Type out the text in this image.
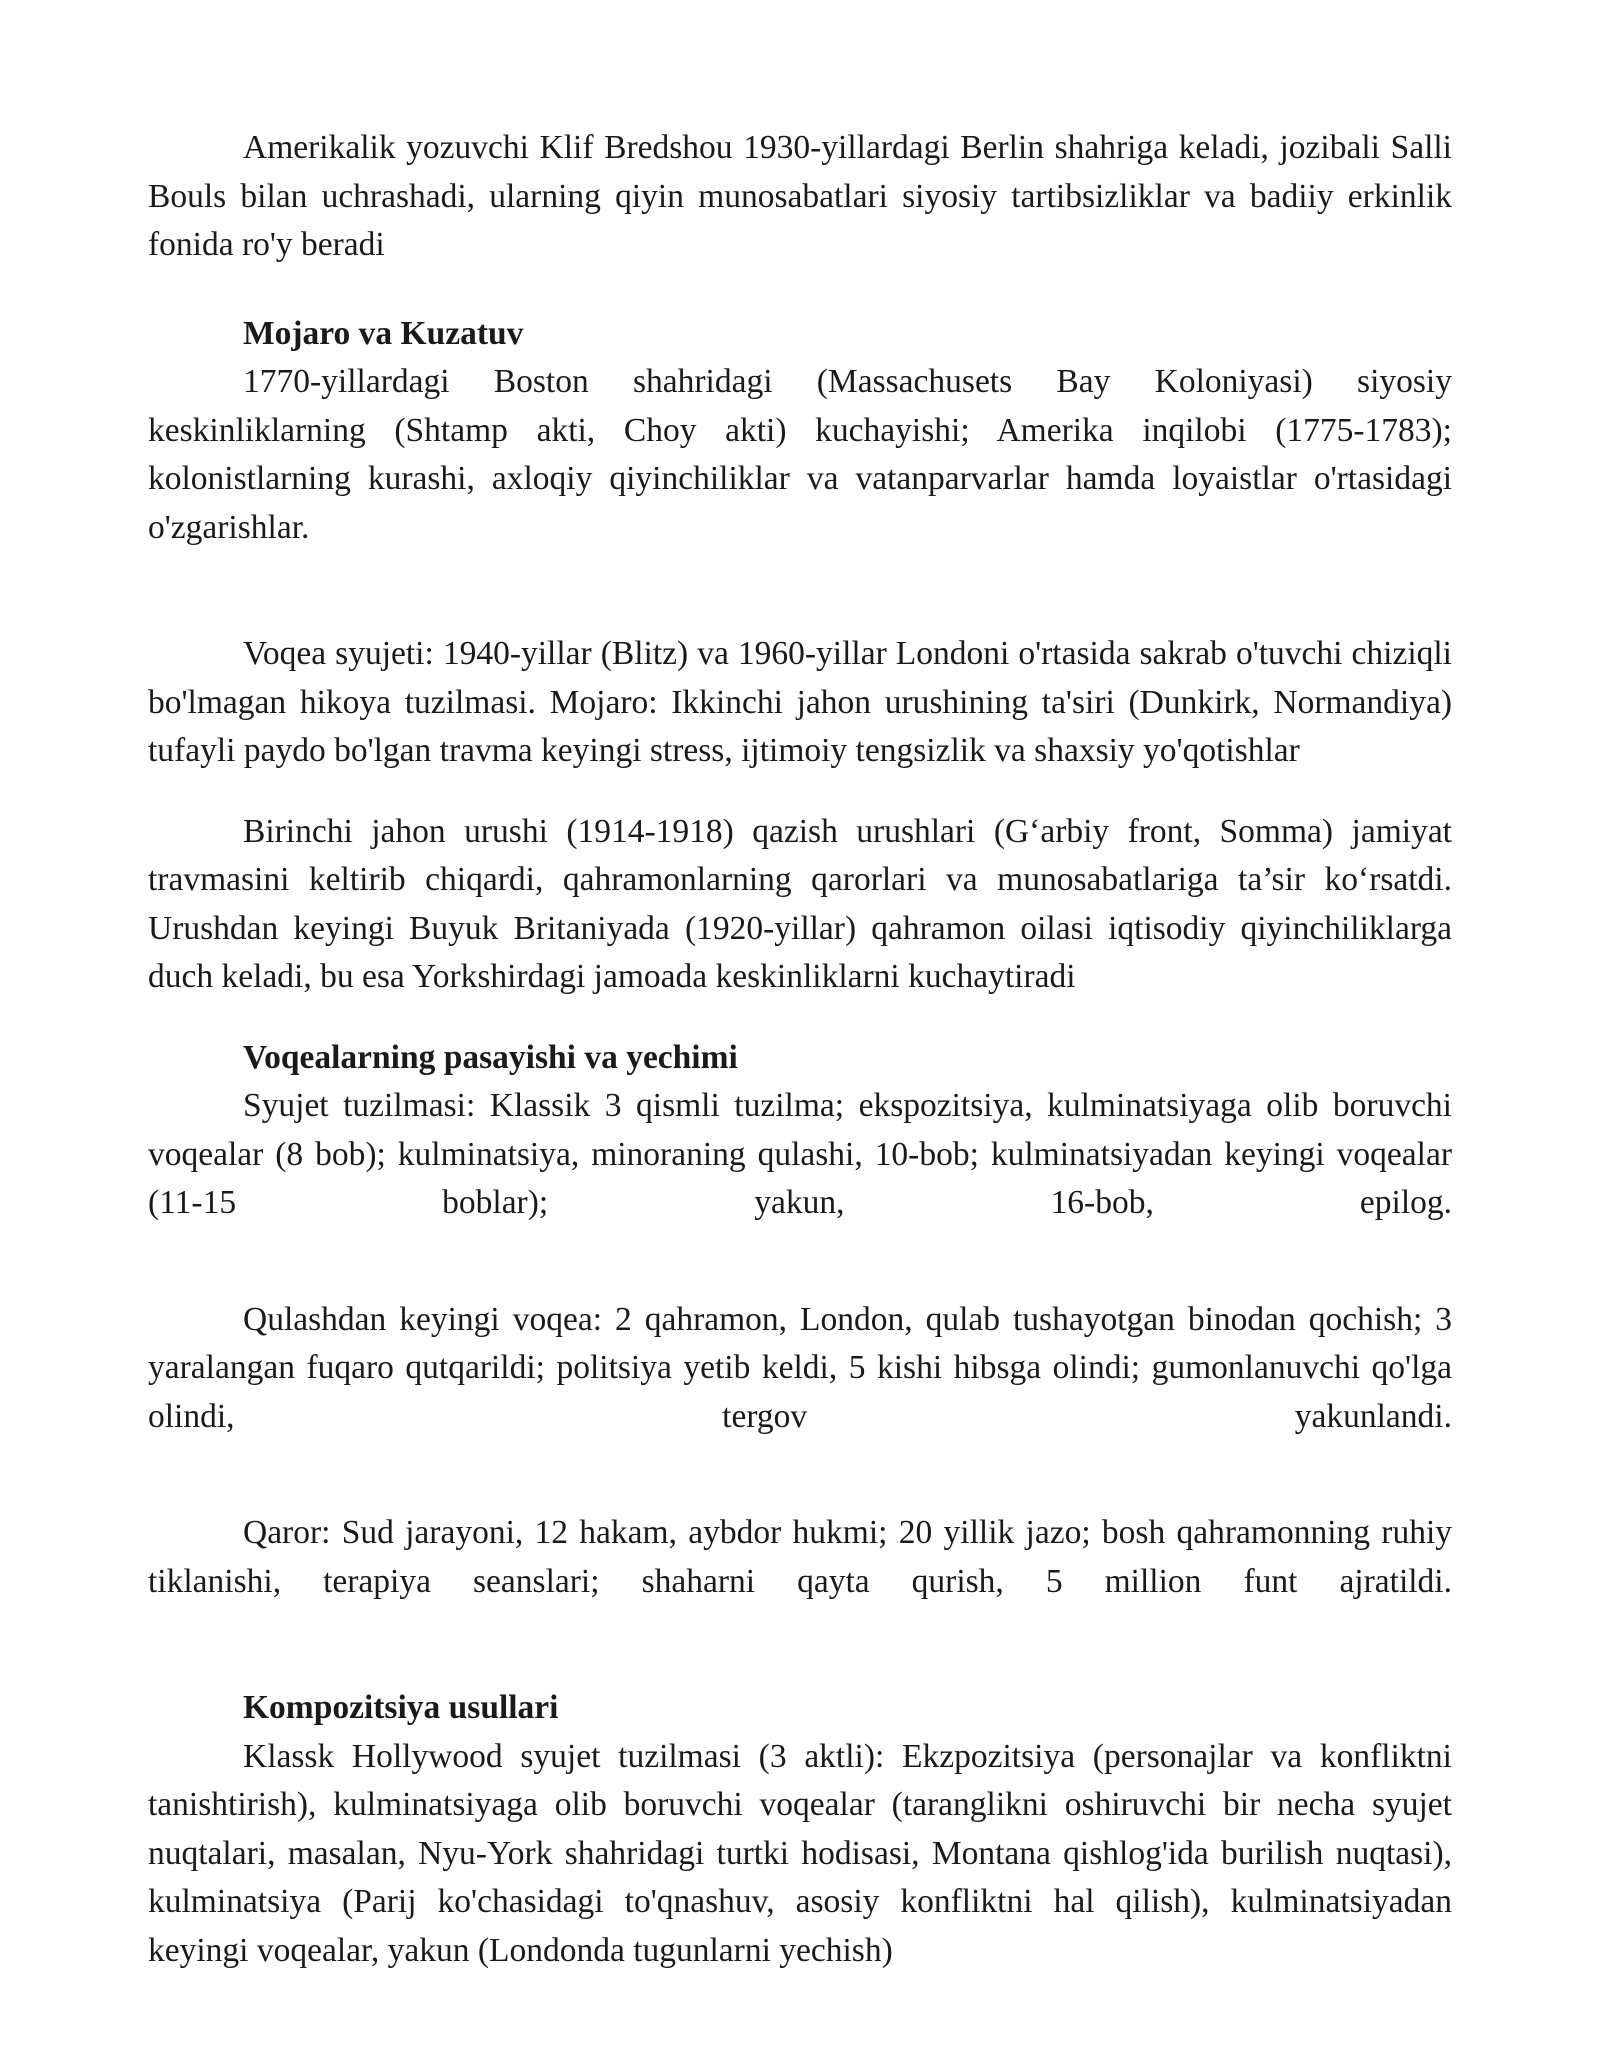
Amerikalik yozuvchi Klif Bredshou 1930-yillardagi Berlin shahriga keladi, jozibali Salli Bouls bilan uchrashadi, ularning qiyin munosabatlari siyosiy tartibsizliklar va badiiy erkinlik fonida ro'y beradi

Mojaro va Kuzatuv

1770-yillardagi Boston shahridagi (Massachusets Bay Koloniyasi) siyosiy keskinliklarning (Shtamp akti, Choy akti) kuchayishi; Amerika inqilobi (1775-1783); kolonistlarning kurashi, axloqiy qiyinchiliklar va vatanparvarlar hamda loyaistlar o'rtasidagi o'zgarishlar.

Voqea syujeti: 1940-yillar (Blitz) va 1960-yillar Londoni o'rtasida sakrab o'tuvchi chiziqli bo'lmagan hikoya tuzilmasi. Mojaro: Ikkinchi jahon urushining ta'siri (Dunkirk, Normandiya) tufayli paydo bo'lgan travma keyingi stress, ijtimoiy tengsizlik va shaxsiy yo'qotishlar

Birinchi jahon urushi (1914-1918) qazish urushlari (G‘arbiy front, Somma) jamiyat travmasini keltirib chiqardi, qahramonlarning qarorlari va munosabatlariga ta’sir ko‘rsatdi. Urushdan keyingi Buyuk Britaniyada (1920-yillar) qahramon oilasi iqtisodiy qiyinchiliklarga duch keladi, bu esa Yorkshirdagi jamoada keskinliklarni kuchaytiradi

Voqealarning pasayishi va yechimi

Syujet tuzilmasi: Klassik 3 qismli tuzilma; ekspozitsiya, kulminatsiyaga olib boruvchi voqealar (8 bob); kulminatsiya, minoraning qulashi, 10-bob; kulminatsiyadan keyingi voqealar (11-15 boblar); yakun, 16-bob, epilog.

Qulashdan keyingi voqea: 2 qahramon, London, qulab tushayotgan binodan qochish; 3 yaralangan fuqaro qutqarildi; politsiya yetib keldi, 5 kishi hibsga olindi; gumonlanuvchi qo'lga olindi, tergov yakunlandi.

Qaror: Sud jarayoni, 12 hakam, aybdor hukmi; 20 yillik jazo; bosh qahramonning ruhiy tiklanishi, terapiya seanslari; shaharni qayta qurish, 5 million funt ajratildi.

Kompozitsiya usullari

Klassk Hollywood syujet tuzilmasi (3 aktli): Ekzpozitsiya (personajlar va konfliktni tanishtirish), kulminatsiyaga olib boruvchi voqealar (taranglikni oshiruvchi bir necha syujet nuqtalari, masalan, Nyu-York shahridagi turtki hodisasi, Montana qishlog'ida burilish nuqtasi), kulminatsiya (Parij ko'chasidagi to'qnashuv, asosiy konfliktni hal qilish), kulminatsiyadan keyingi voqealar, yakun (Londonda tugunlarni yechish)
